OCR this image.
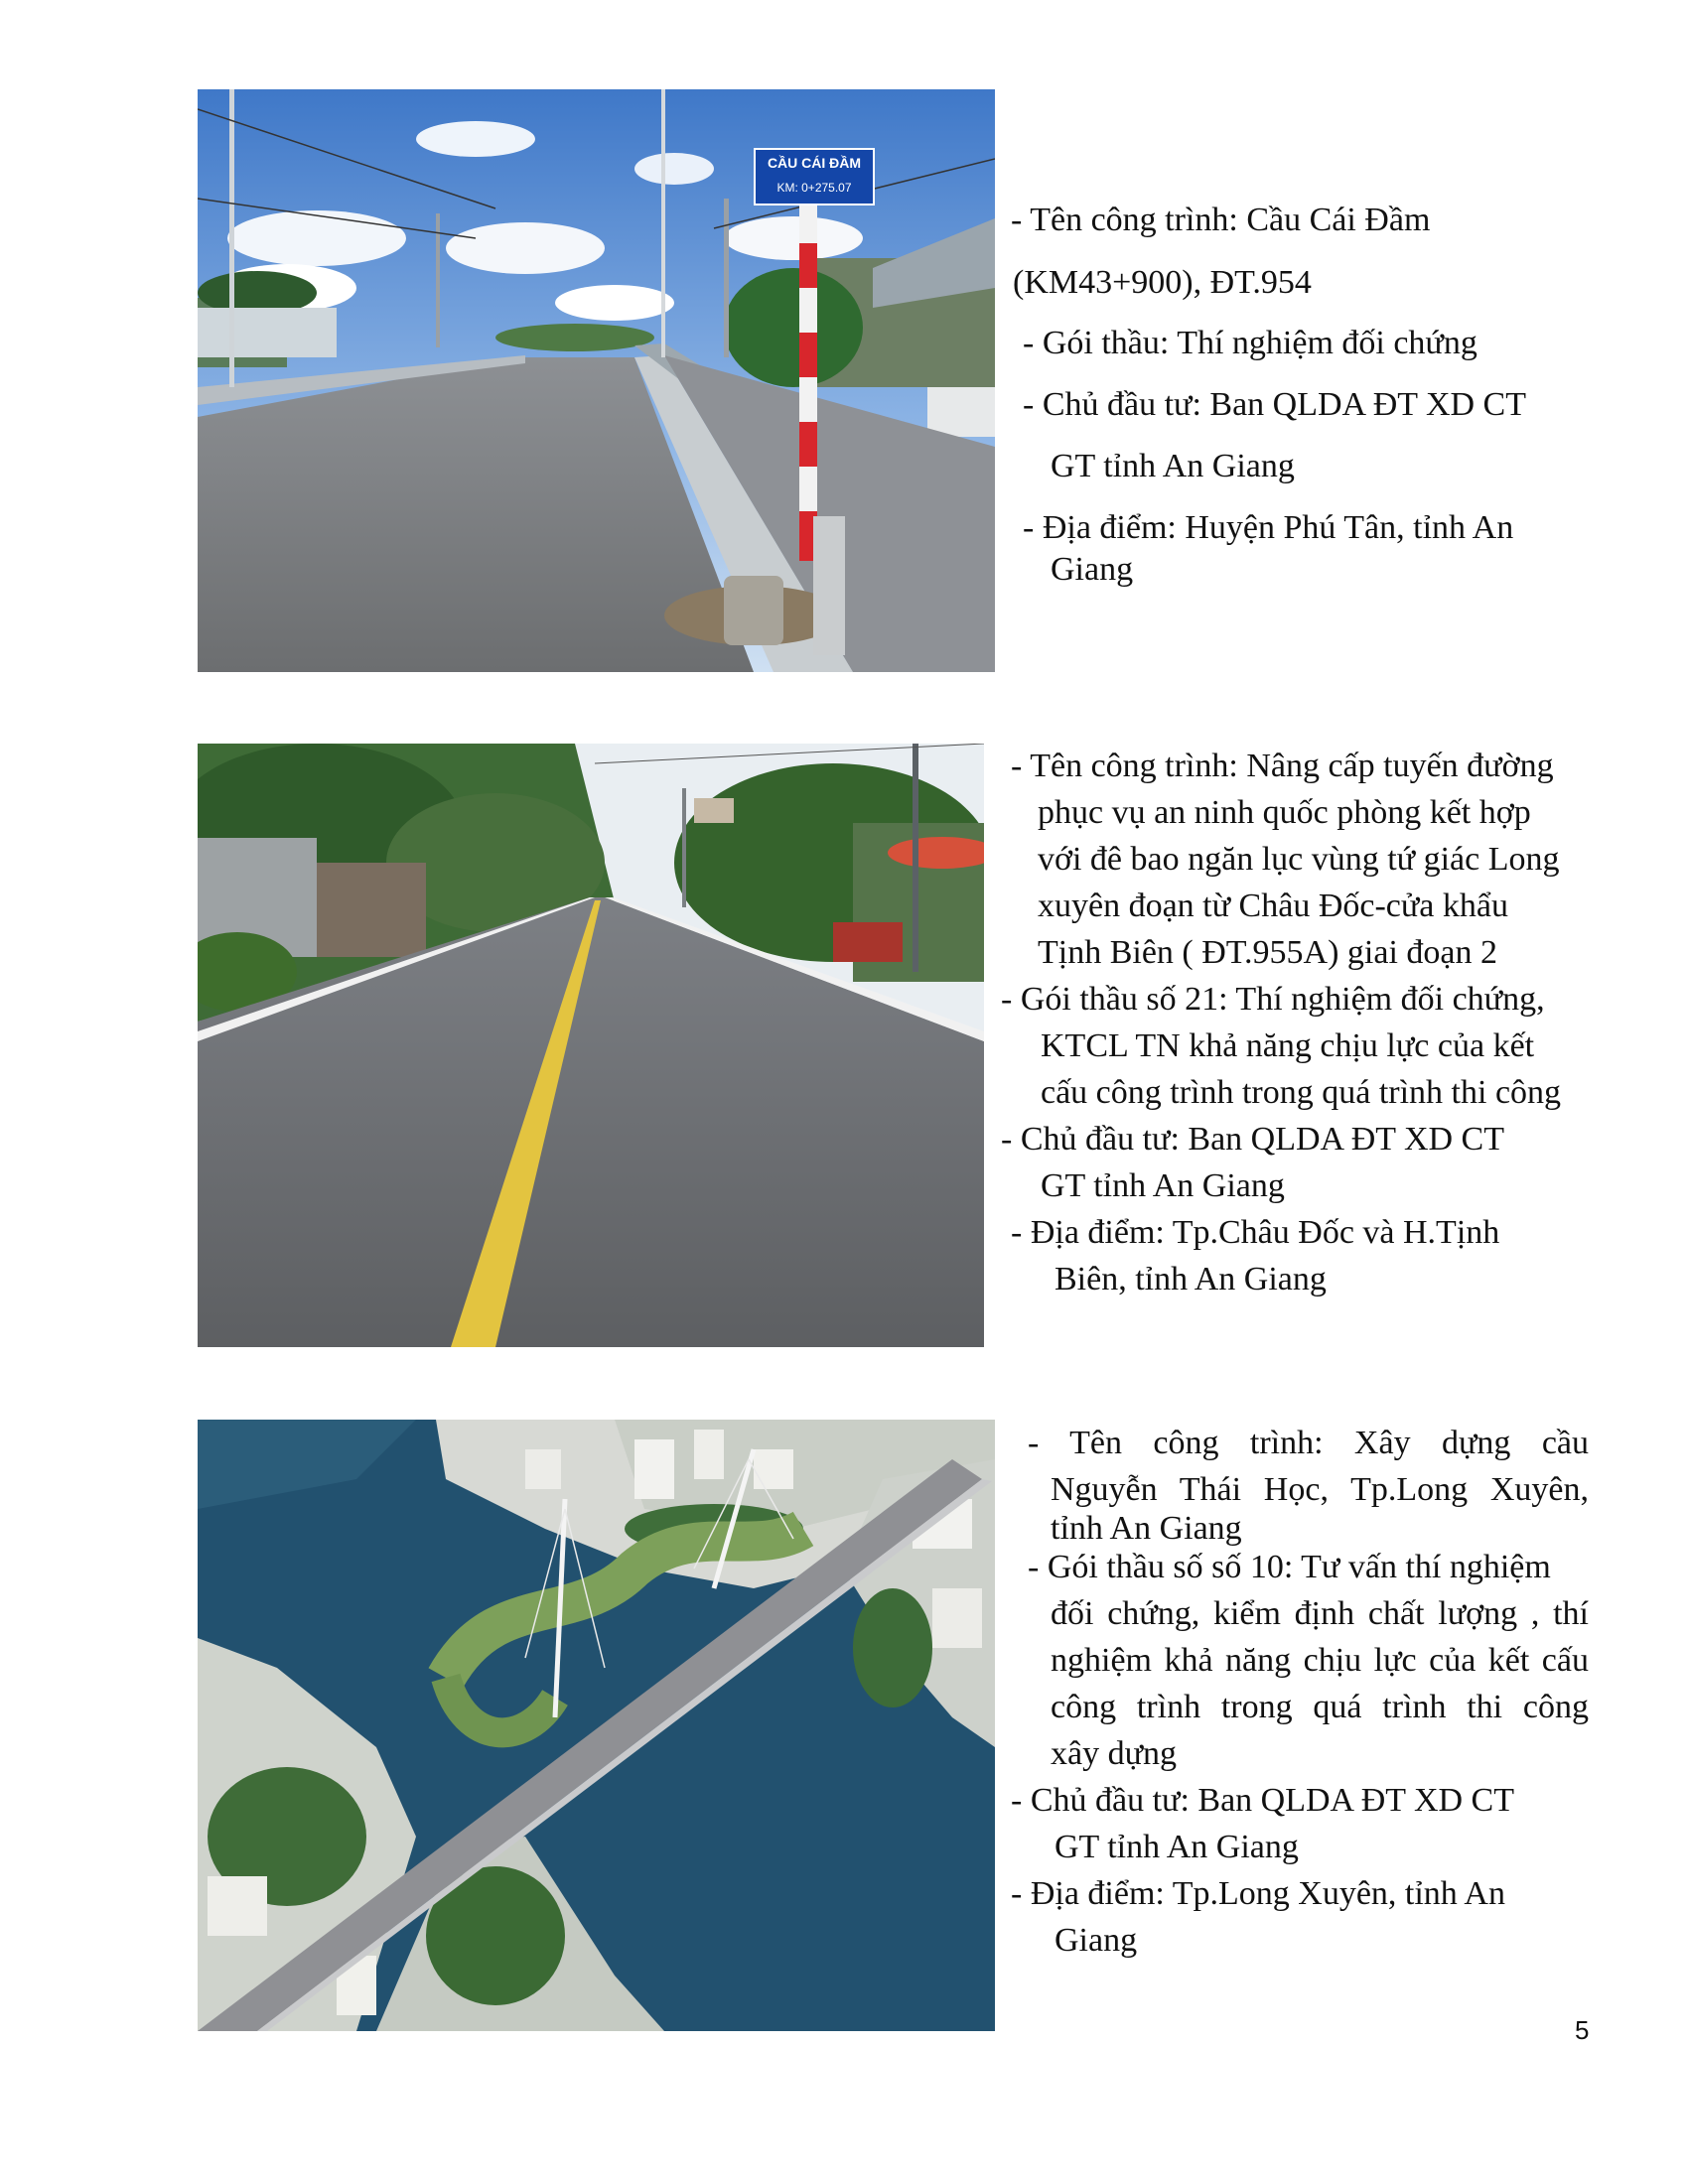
CẦU CÁI ĐẦM
KM: 0+275.07
- Tên công trình: Cầu Cái Đầm
(KM43+900), ĐT.954
- Gói thầu: Thí nghiệm đối chứng
- Chủ đầu tư: Ban QLDA ĐT XD CT
GT tỉnh An Giang
- Địa điểm: Huyện Phú Tân, tỉnh An
Giang
- Tên công trình: Nâng cấp tuyến đường
phục vụ an ninh quốc phòng kết hợp
với đê bao ngăn lục vùng tứ giác Long
xuyên đoạn từ Châu Đốc-cửa khẩu
Tịnh Biên ( ĐT.955A) giai đoạn 2
- Gói thầu số 21: Thí nghiệm đối chứng,
KTCL TN khả năng chịu lực của kết
cấu công trình trong quá trình thi công
- Chủ đầu tư: Ban QLDA ĐT XD CT
GT tỉnh An Giang
- Địa điểm: Tp.Châu Đốc và H.Tịnh
Biên, tỉnh An Giang
- Tên công trình: Xây dựng cầu
Nguyễn Thái Học, Tp.Long Xuyên,
tỉnh An Giang
- Gói thầu số số 10: Tư vấn thí nghiệm
đối chứng, kiểm định chất lượng , thí
nghiệm khả năng chịu lực của kết cấu
công trình trong quá trình thi công
xây dựng
- Chủ đầu tư: Ban QLDA ĐT XD CT
GT tỉnh An Giang
- Địa điểm: Tp.Long Xuyên, tỉnh An
Giang
5
